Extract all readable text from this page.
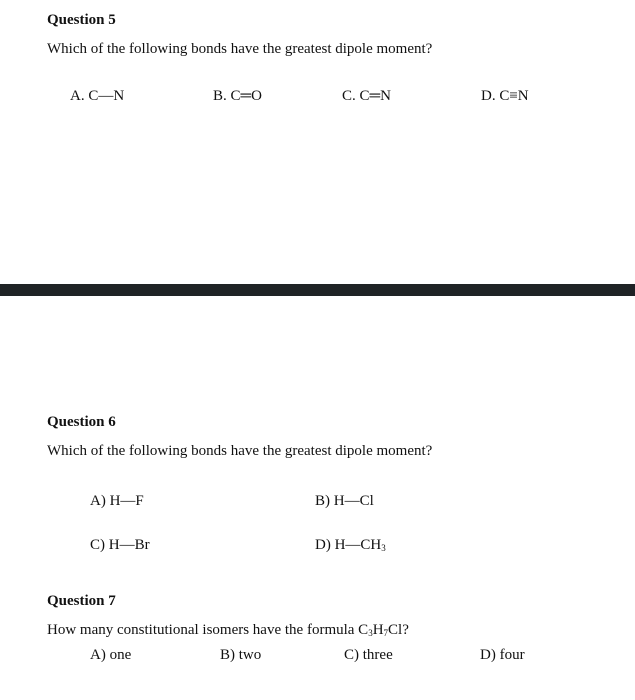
Question 5
Which of the following bonds have the greatest dipole moment?
A. C—N	B. C═O	C. C═N	D. C≡N
Question 6
Which of the following bonds have the greatest dipole moment?
A) H—F	B) H—Cl
C) H—Br	D) $H—CH_3$
Question 7
How many constitutional isomers have the formula $C_3H_7Cl$?
A) one	B) two	C) three	D) four
